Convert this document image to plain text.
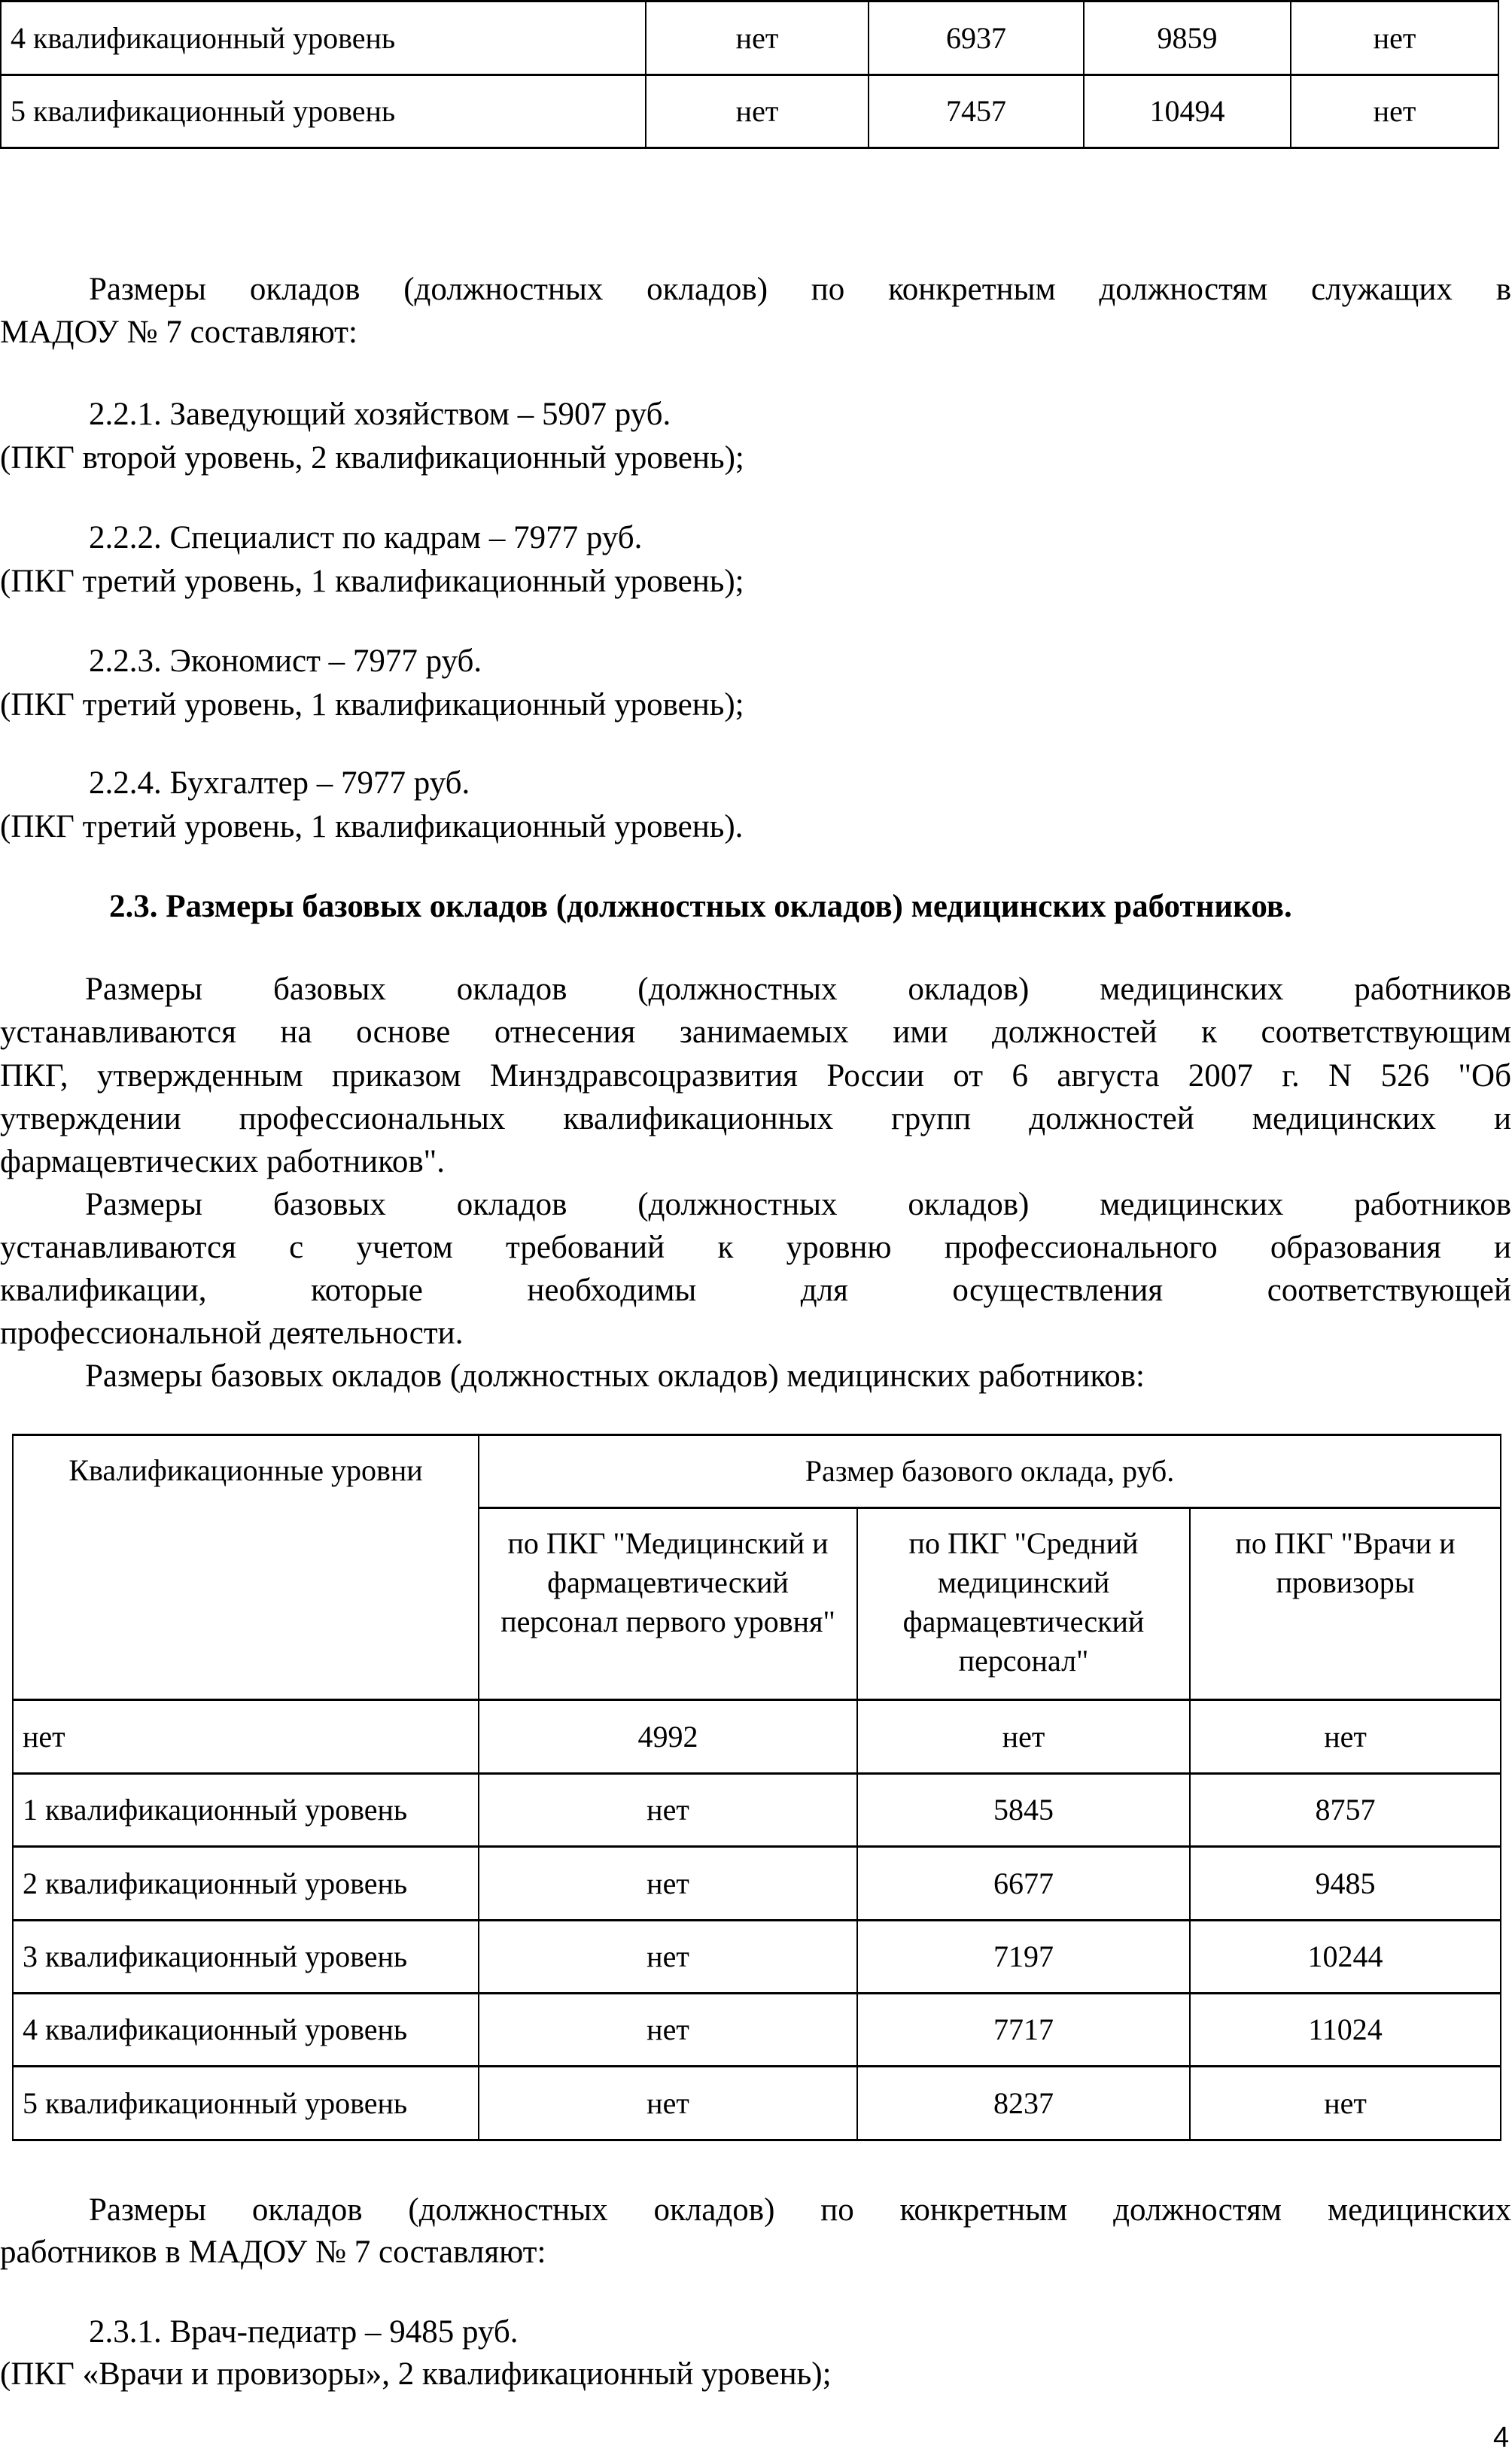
4 квалификационный уровень	нет	6937	9859	нет
5 квалификационный уровень	нет	7457	10494	нет
Размеры окладов (должностных окладов) по конкретным должностям служащих в
МАДОУ № 7 составляют:
2.2.1. Заведующий хозяйством – 5907 руб.
(ПКГ второй уровень, 2 квалификационный уровень);
2.2.2. Специалист по кадрам – 7977 руб.
(ПКГ третий уровень, 1 квалификационный уровень);
2.2.3. Экономист – 7977 руб.
(ПКГ третий уровень, 1 квалификационный уровень);
2.2.4. Бухгалтер – 7977 руб.
(ПКГ третий уровень, 1 квалификационный уровень).
2.3. Размеры базовых окладов (должностных окладов) медицинских работников.
Размеры базовых окладов (должностных окладов) медицинских работников
устанавливаются на основе отнесения занимаемых ими должностей к соответствующим
ПКГ, утвержденным приказом Минздравсоцразвития России от 6 августа 2007 г. N 526 "Об
утверждении профессиональных квалификационных групп должностей медицинских и
фармацевтических работников".
Размеры базовых окладов (должностных окладов) медицинских работников
устанавливаются с учетом требований к уровню профессионального образования и
квалификации, которые необходимы для осуществления соответствующей
профессиональной деятельности.
Размеры базовых окладов (должностных окладов) медицинских работников:
Квалификационные уровни	Размер базового оклада, руб.		
	по ПКГ "Медицинский и фармацевтический персонал первого уровня"	по ПКГ "Средний медицинский фармацевтический персонал"	по ПКГ "Врачи и провизоры
нет	4992	нет	нет
1 квалификационный уровень	нет	5845	8757
2 квалификационный уровень	нет	6677	9485
3 квалификационный уровень	нет	7197	10244
4 квалификационный уровень	нет	7717	11024
5 квалификационный уровень	нет	8237	нет
Размеры окладов (должностных окладов) по конкретным должностям медицинских
работников в МАДОУ № 7 составляют:
2.3.1. Врач-педиатр – 9485 руб.
(ПКГ «Врачи и провизоры», 2 квалификационный уровень);
4
